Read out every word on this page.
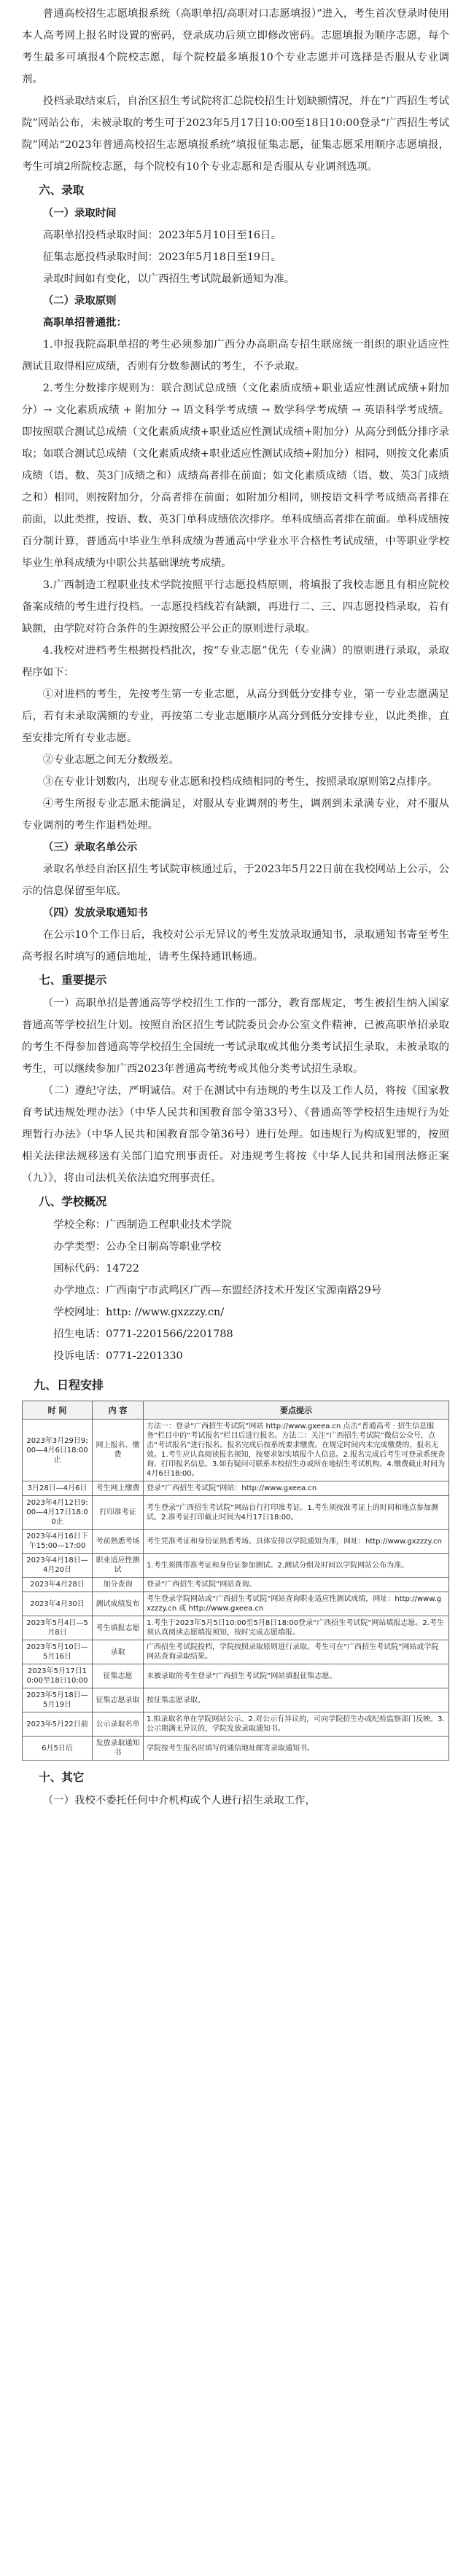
普通高校招生志愿填报系统（高职单招/高职对口志愿填报）”进入，考生首次登录时使用本人高考网上报名时设置的密码，登录成功后须立即修改密码。志愿填报为顺序志愿，每个考生最多可填报4个院校志愿，每个院校最多填报10个专业志愿并可选择是否服从专业调剂。

投档录取结束后，自治区招生考试院将汇总院校招生计划缺额情况，并在“广西招生考试院”网站公布，未被录取的考生可于2023年5月17日10:00至18日10:00登录“广西招生考试院”网站“2023年普通高校招生志愿填报系统”填报征集志愿，征集志愿采用顺序志愿填报，考生可填2所院校志愿，每个院校有10个专业志愿和是否服从专业调剂选项。

六、录取

（一）录取时间

高职单招投档录取时间：2023年5月10日至16日。

征集志愿投档录取时间：2023年5月18日至19日。

录取时间如有变化，以广西招生考试院最新通知为准。

（二）录取原则

高职单招普通批：

1.申报我院高职单招的考生必须参加广西分办高职高专招生联席统一组织的职业适应性测试且取得相应成绩，否则有分数参测试的考生，不予录取。

2.考生分数排序规则为：联合测试总成绩（文化素质成绩+职业适应性测试成绩+附加分）→ 文化素质成绩 + 附加分 → 语文科学考成绩 → 数学科学考成绩 → 英语科学考成绩。即按照联合测试总成绩（文化素质成绩+职业适应性测试成绩+附加分）从高分到低分排序录取；如联合测试总成绩（文化素质成绩+职业适应性测试成绩+附加分）相同，则按文化素质成绩（语、数、英3门成绩之和）成绩高者排在前面；如文化素质成绩（语、数、英3门成绩之和）相同，则按附加分，分高者排在前面；如附加分相同，则按语文科学考成绩高者排在前面，以此类推，按语、数、英3门单科成绩依次排序。单科成绩高者排在前面。单科成绩按百分制计算，普通高中毕业生单科成绩为普通高中学业水平合格性考试成绩，中等职业学校毕业生单科成绩为中职公共基础课统考成绩。

3.广西制造工程职业技术学院按照平行志愿投档原则，将填报了我校志愿且有相应院校备案成绩的考生进行投档。一志愿投档线若有缺额，再进行二、三、四志愿投档录取，若有缺额，由学院对符合条件的生源按照公平公正的原则进行录取。

4.我校对进档考生根据投档批次，按“专业志愿”优先（专业满）的原则进行录取，录取程序如下：

①对进档的考生，先按考生第一专业志愿，从高分到低分安排专业，第一专业志愿满足后，若有未录取满额的专业，再按第二专业志愿顺序从高分到低分安排专业，以此类推，直至安排完所有专业志愿。

②专业志愿之间无分数级差。

③在专业计划数内，出现专业志愿和投档成绩相同的考生，按照录取原则第2点排序。

④考生所报专业志愿未能满足，对服从专业调剂的考生，调剂到未录满专业，对不服从专业调剂的考生作退档处理。

（三）录取名单公示

录取名单经自治区招生考试院审核通过后，于2023年5月22日前在我校网站上公示，公示的信息保留至年底。

（四）发放录取通知书

在公示10个工作日后，我校对公示无异议的考生发放录取通知书，录取通知书寄至考生高考报名时填写的通信地址，请考生保持通讯畅通。

七、重要提示

（一）高职单招是普通高等学校招生工作的一部分，教育部规定，考生被招生纳入国家普通高等学校招生计划。按照自治区招生考试院委员会办公室文件精神，已被高职单招录取的考生不得参加普通高等学校招生全国统一考试录取或其他分类考试招生录取，未被录取的考生，可以继续参加广西2023年普通高考统考或其他分类考试招生录取。

（二）遵纪守法，严明诚信。对于在测试中有违规的考生以及工作人员，将按《国家教育考试违规处理办法》（中华人民共和国教育部令第33号）、《普通高等学校招生违规行为处理暂行办法》（中华人民共和国教育部令第36号）进行处理。如违规行为构成犯罪的，按照相关法律法规移送有关部门追究刑事责任。对违规考生将按《中华人民共和国刑法修正案（九）》，将由司法机关依法追究刑事责任。

八、学校概况

学校全称：广西制造工程职业技术学院

办学类型：公办全日制高等职业学校

国标代码：14722

办学地点：广西南宁市武鸣区广西—东盟经济技术开发区宝源南路29号

学校网址：http: //www.gxzzzy.cn/

招生电话：0771-2201566/2201788

投诉电话：0771-2201330

九、日程安排
时 间	内 容	要点提示
2023年3月29日9:00—4月6日18:00止	网上报名、缴费	方法一：登录“广西招生考试院”网站 http://www.gxeea.cn 点击“普通高考 · 招生信息服务”栏目中的“考试报名”栏目后进行报名。方法二：关注“广西招生考试院”微信公众号，点击“考试报名”进行报名。报名完成后按系统要求缴费。在规定时间内未完成缴费的，报名无效。1.考生应认真阅读报名须知，按要求如实填报个人信息。2.报名完成后考生可登录系统查询、打印报名信息。3.如有疑问可联系本校招生办或所在地招生考试机构。4.缴费截止时间为4月6日18:00。
3月28日—4月6日	考生网上缴费	登录“广西招生考试院”网站：http://www.gxeea.cn
2023年4月12日9:00—4月17日18:00止	打印准考证	考生登录“广西招生考试院”网站自行打印准考证。1.考生须按准考证上的时间和地点参加测试。2.准考证打印截止时间为4月17日18:00。
2023年4月16日下午15:00—17:00	考前熟悉考场	考生凭准考证和身份证熟悉考场。具体安排以学院通知为准，网址：http://www.gxzzzy.cn
2023年4月18日—4月20日	职业适应性测试	1.考生须携带准考证和身份证参加测试。2.测试分组及时间以学院网站公布为准。
2023年4月28日	加分查询	登录“广西招生考试院”网站查询。
2023年4月30日	测试成绩发布	考生登录学院网站或“广西招生考试院”网站查询职业适应性测试成绩，网址：http://www.gxzzzy.cn 或 http://www.gxeea.cn
2023年5月4日—5月8日	考生填报志愿	1.考生于2023年5月5日10:00至5月8日18:00登录“广西招生考试院”网站填报志愿。2.考生须认真阅读志愿填报须知，按时完成志愿填报。
2023年5月10日—5月16日	录取	广西招生考试院投档，学院按照录取原则进行录取。考生可在“广西招生考试院”网站或学院网站查询录取结果。
2023年5月17日10:00至18日10:00	征集志愿	未被录取的考生登录“广西招生考试院”网站填报征集志愿。
2023年5月18日—5月19日	征集志愿录取	按征集志愿录取。
2023年5月22日前	公示录取名单	1.拟录取名单在学院网站公示。2.对公示有异议的，可向学院招生办或纪检监察部门反映。3.公示期满无异议的，学院发放录取通知书。
6月5日后	发放录取通知书	学院按考生报名时填写的通信地址邮寄录取通知书。
十、其它

（一）我校不委托任何中介机构或个人进行招生录取工作，
